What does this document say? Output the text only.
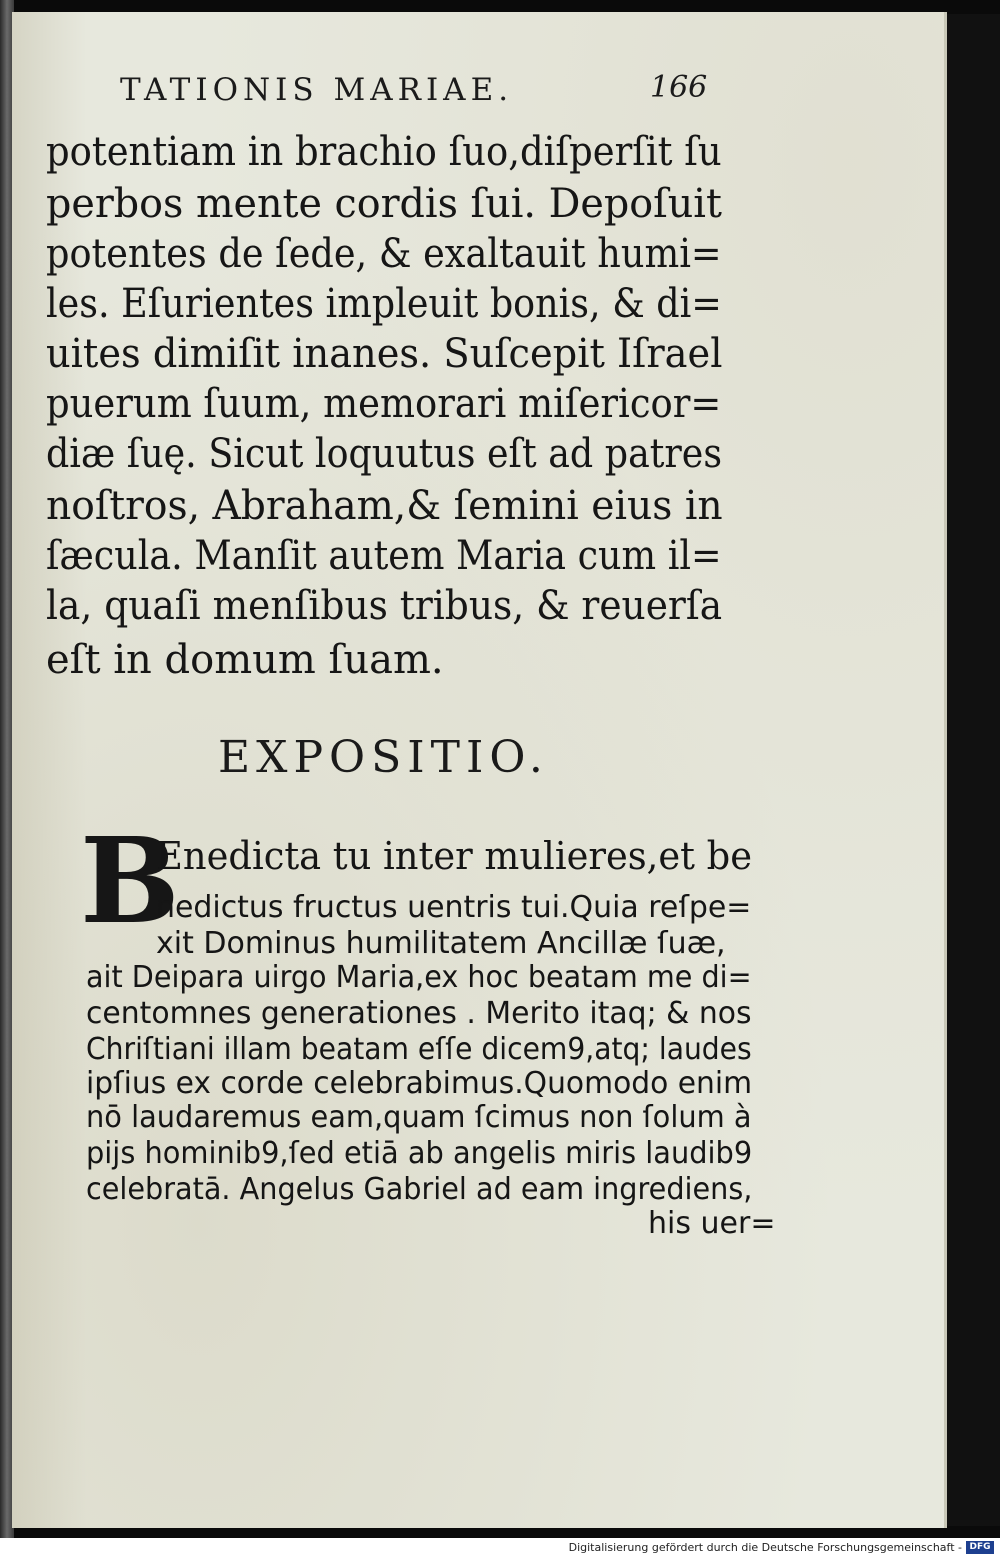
TATIONIS MARIAE.	166
potentiam in brachio ſuo,diſperſit ſu
perbos mente cordis ſui. Depoſuit
potentes de ſede, & exaltauit humi=
les. Eſurientes impleuit bonis, & di=
uites dimiſit inanes. Suſcepit Iſrael
puerum ſuum, memorari miſericor=
diæ ſuę. Sicut loquutus eſt ad patres
noſtros, Abraham,& ſemini eius in
ſæcula. Manſit autem Maria cum il=
la, quaſi menſibus tribus, & reuerſa
eſt in domum ſuam.
EXPOSITIO.
B
Enedicta tu inter mulieres,et be
nedictus fructus uentris tui.Quia reſpe=
xit Dominus humilitatem Ancillæ ſuæ,
ait Deipara uirgo Maria,ex hoc beatam me di=
centomnes generationes . Merito itaq; & nos
Chriſtiani illam beatam eſſe dicem9,atq; laudes
ipſius ex corde celebrabimus.Quomodo enim
nō laudaremus eam,quam ſcimus non ſolum à
pijs hominib9,ſed etiā ab angelis miris laudib9
celebratā. Angelus Gabriel ad eam ingrediens,
his uer=
Digitalisierung gefördert durch die Deutsche Forschungsgemeinschaft - DFG
